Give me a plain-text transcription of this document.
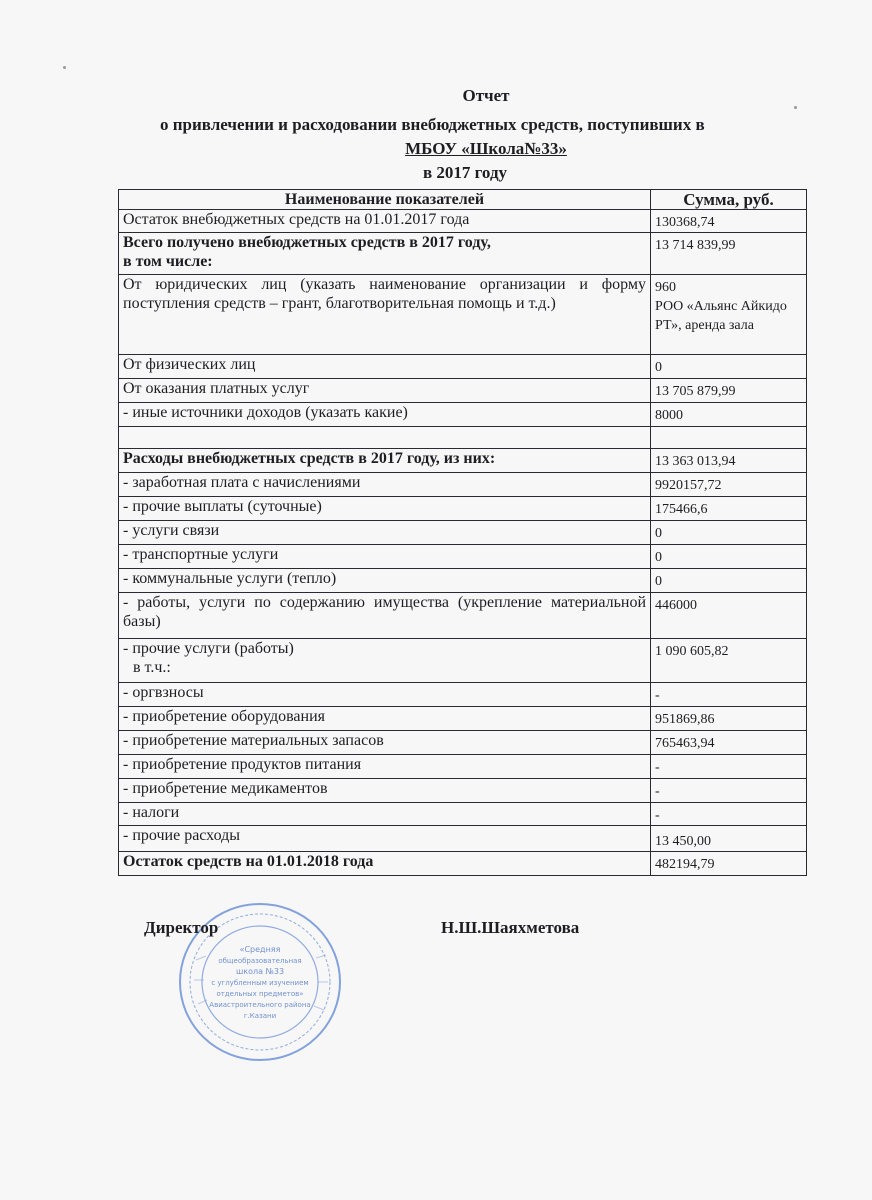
Отчет
о привлечении и расходовании внебюджетных средств, поступивших в
МБОУ «Школа№33»
в 2017 году
Наименование показателей	Сумма, руб.
Остаток внебюджетных средств на 01.01.2017 года	130368,74

Всего получено внебюджетных средств в 2017 году,
в том числе:	13 714 839,99
От юридических лиц (указать наименование организации и форму поступления средств – грант, благотворительная помощь и т.д.)	960
РОО «Альянс Айкидо РТ», аренда зала

От физических лиц	0
От оказания платных услуг	13 705 879,99
- иные источники доходов (указать какие)	8000

Расходы внебюджетных средств в 2017 году, из них:	13 363 013,94
- заработная плата с начислениями	9920157,72
- прочие выплаты (суточные)	175466,6
- услуги связи	0
- транспортные услуги	0
- коммунальные услуги (тепло)	0
- работы, услуги по содержанию имущества (укрепление материальной базы)	446000

- прочие услуги (работы)
в т.ч.:	1 090 605,82
- оргвзносы	-
- приобретение оборудования	951869,86
- приобретение материальных запасов	765463,94
- приобретение продуктов питания	-
- приобретение медикаментов	-
- налоги	-
- прочие расходы	13 450,00
Остаток средств на 01.01.2018 года	482194,79
«Средняя
общеобразовательная
школа №33
с углубленным изучением
отдельных предметов»
Авиастроительного района
г.Казани
Директор	Н.Ш.Шаяхметова
